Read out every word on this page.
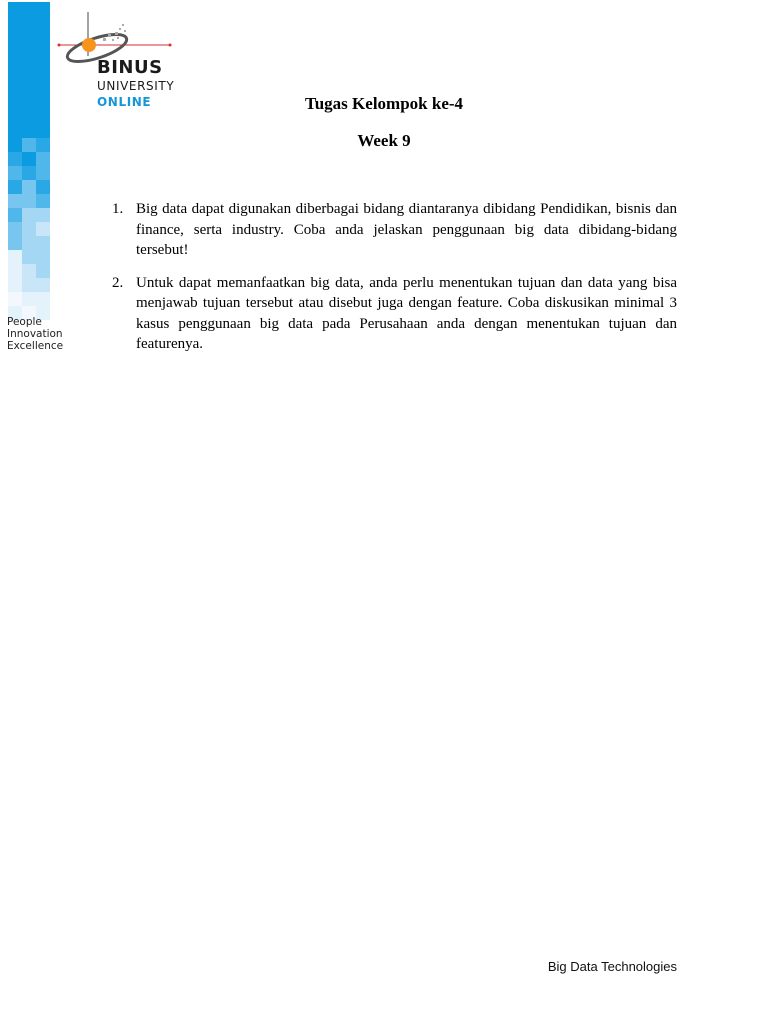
BINUS
UNIVERSITY
ONLINE
People
Innovation
Excellence
Tugas Kelompok ke-4
Week 9
1. Big data dapat digunakan diberbagai bidang diantaranya dibidang Pendidikan, bisnis dan finance, serta industry. Coba anda jelaskan penggunaan big data dibidang-bidang tersebut!
2. Untuk dapat memanfaatkan big data, anda perlu menentukan tujuan dan data yang bisa menjawab tujuan tersebut atau disebut juga dengan feature. Coba diskusikan minimal 3 kasus penggunaan big data pada Perusahaan anda dengan menentukan tujuan dan featurenya.
Big Data Technologies
